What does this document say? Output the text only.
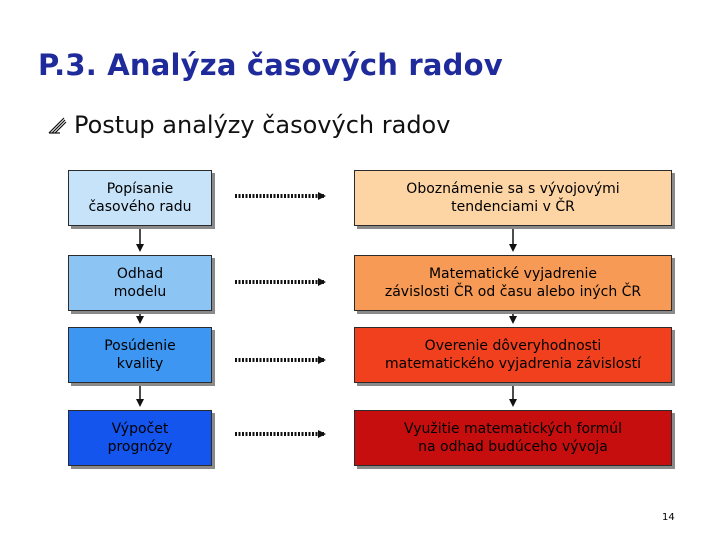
P.3. Analýza časových radov
Postup analýzy časových radov
Popísanie
časového radu
Odhad
modelu
Posúdenie
kvality
Výpočet
prognózy
Oboznámenie sa s vývojovými
tendenciami v ČR
Matematické vyjadrenie
závislosti ČR od času alebo iných ČR
Overenie dôveryhodnosti
matematického vyjadrenia závislostí
Využitie matematických formúl
na odhad budúceho vývoja
14
